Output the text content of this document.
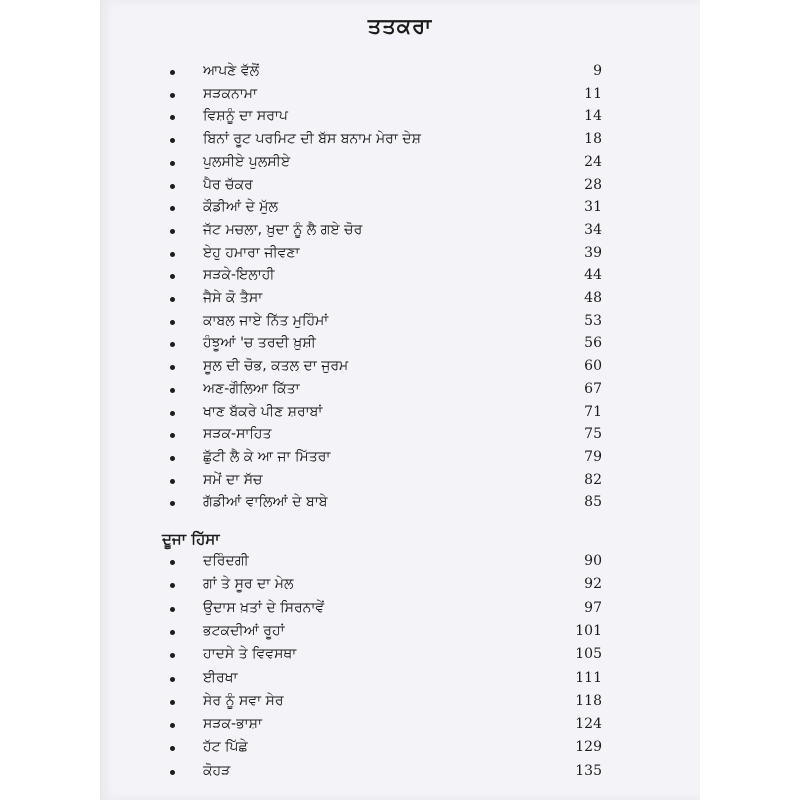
ਤਤਕਰਾ
ਆਪਣੇ ਵੱਲੋਂ	9
ਸੜਕਨਾਮਾ	11
ਵਿਸ਼ਨੂੰ ਦਾ ਸਰਾਪ	14
ਬਿਨਾਂ ਰੂਟ ਪਰਮਿਟ ਦੀ ਬੱਸ ਬਨਾਮ ਮੇਰਾ ਦੇਸ਼	18
ਪੁਲਸੀਏ ਪੁਲਸੀਏ	24
ਪੈਰ ਚੱਕਰ	28
ਕੌਡੀਆਂ ਦੇ ਮੁੱਲ	31
ਜੱਟ ਮਚਲਾ, ਖ਼ੁਦਾ ਨੂੰ ਲੈ ਗਏ ਚੋਰ	34
ਏਹੁ ਹਮਾਰਾ ਜੀਵਣਾ	39
ਸੜਕੇ-ਇਲਾਹੀ	44
ਜੈਸੇ ਕੋ ਤੈਸਾ	48
ਕਾਬਲ ਜਾਏ ਨਿੱਤ ਮੁਹਿੰਮਾਂ	53
ਹੰਝੂਆਂ 'ਚ ਤਰਦੀ ਖ਼ੁਸ਼ੀ	56
ਸੂਲ ਦੀ ਚੋਭ, ਕਤਲ ਦਾ ਜੁਰਮ	60
ਅਣ-ਗੌਲਿਆ ਕਿੱਤਾ	67
ਖਾਣ ਬੱਕਰੇ ਪੀਣ ਸ਼ਰਾਬਾਂ	71
ਸੜਕ-ਸਾਹਿਤ	75
ਛੁੱਟੀ ਲੈ ਕੇ ਆ ਜਾ ਮਿੱਤਰਾ	79
ਸਮੇਂ ਦਾ ਸੱਚ	82
ਗੱਡੀਆਂ ਵਾਲਿਆਂ ਦੇ ਬਾਬੇ	85
ਦੂਜਾ ਹਿੱਸਾ
ਦਰਿੰਦਗੀ	90
ਗਾਂ ਤੇ ਸੂਰ ਦਾ ਮੇਲ	92
ਉਦਾਸ ਖ਼ਤਾਂ ਦੇ ਸਿਰਨਾਵੇਂ	97
ਭਟਕਦੀਆਂ ਰੂਹਾਂ	101
ਹਾਦਸੇ ਤੇ ਵਿਵਸਥਾ	105
ਈਰਖਾ	111
ਸੇਰ ਨੂੰ ਸਵਾ ਸੇਰ	118
ਸੜਕ-ਭਾਸ਼ਾ	124
ਹੱਟ ਪਿੱਛੇ	129
ਕੋਹੜ	135
